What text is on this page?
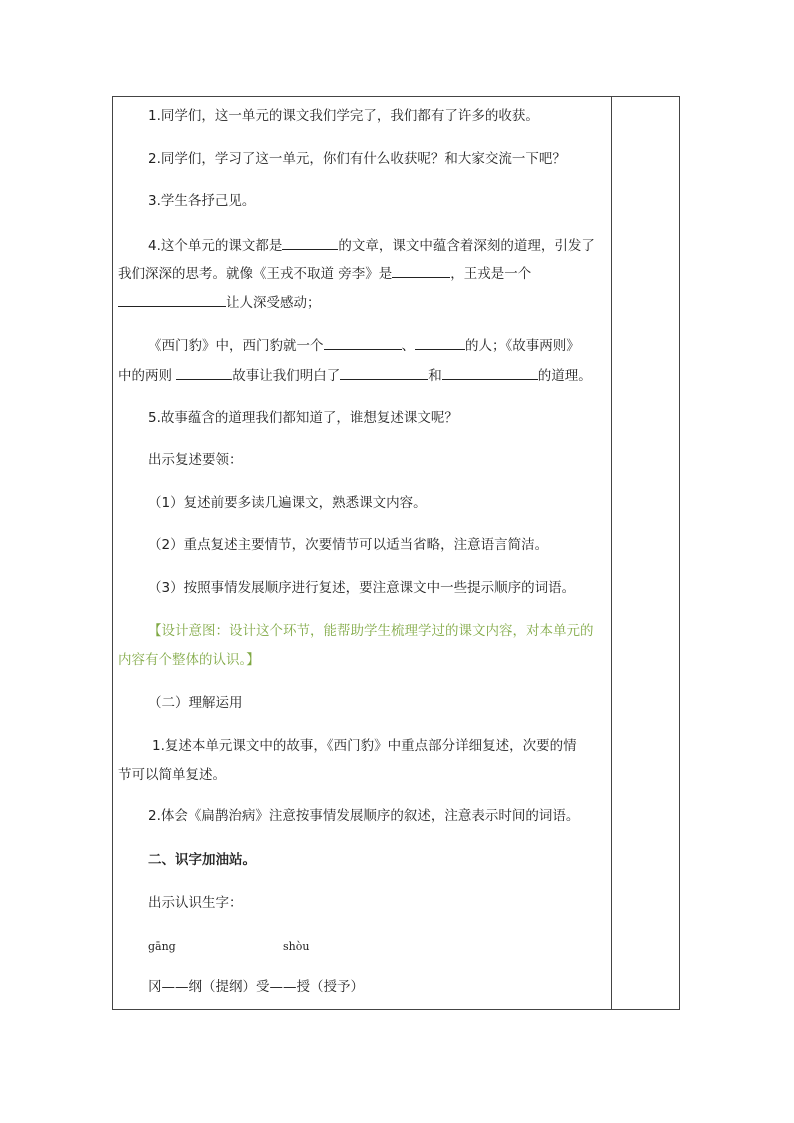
1.同学们，这一单元的课文我们学完了，我们都有了许多的收获。
2.同学们，学习了这一单元，你们有什么收获呢？和大家交流一下吧？
3.学生各抒己见。
4.这个单元的课文都是	的文章，课文中蕴含着深刻的道理，引发了
我们深深的思考。就像《王戎不取道 旁李》是	，王戎是一个
让人深受感动；
《西门豹》中，西门豹就一个	、	的人；《故事两则》
中的两则	故事让我们明白了	和	的道理。
5.故事蕴含的道理我们都知道了，谁想复述课文呢？
出示复述要领：
（1）复述前要多读几遍课文，熟悉课文内容。
（2）重点复述主要情节，次要情节可以适当省略，注意语言简洁。
（3）按照事情发展顺序进行复述，要注意课文中一些提示顺序的词语。
【设计意图：设计这个环节，能帮助学生梳理学过的课文内容，对本单元的
内容有个整体的认识。】
（二）理解运用
1.复述本单元课文中的故事，《西门豹》中重点部分详细复述，次要的情
节可以简单复述。
2.体会《扁鹊治病》注意按事情发展顺序的叙述，注意表示时间的词语。
二、识字加油站。
出示认识生字：
gāng	shòu
冈——纲（提纲）受——授（授予）
